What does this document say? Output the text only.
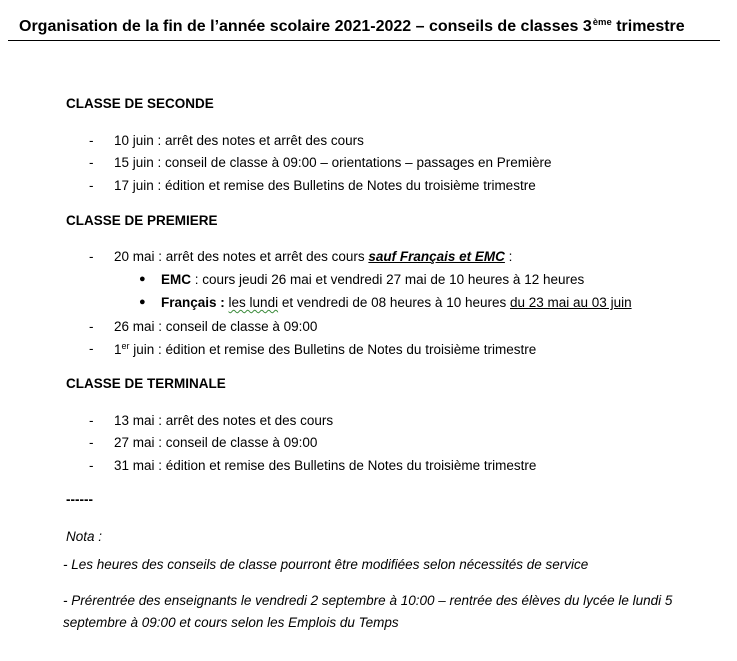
Organisation de la fin de l’année scolaire 2021-2022 – conseils de classes 3ème trimestre
CLASSE DE SECONDE
- 10 juin : arrêt des notes et arrêt des cours
- 15 juin : conseil de classe à 09:00 – orientations – passages en Première
- 17 juin : édition et remise des Bulletins de Notes du troisième trimestre
CLASSE DE PREMIERE
- 20 mai : arrêt des notes et arrêt des cours sauf Français et EMC :
● EMC : cours jeudi 26 mai et vendredi 27 mai de 10 heures à 12 heures
● Français : les lundi et vendredi de 08 heures à 10 heures du 23 mai au 03 juin
- 26 mai : conseil de classe à 09:00
- 1er juin : édition et remise des Bulletins de Notes du troisième trimestre
CLASSE DE TERMINALE
- 13 mai : arrêt des notes et des cours
- 27 mai : conseil de classe à 09:00
- 31 mai : édition et remise des Bulletins de Notes du troisième trimestre
------
Nota :
- Les heures des conseils de classe pourront être modifiées selon nécessités de service
- Prérentrée des enseignants le vendredi 2 septembre à 10:00 – rentrée des élèves du lycée le lundi 5
septembre à 09:00 et cours selon les Emplois du Temps
